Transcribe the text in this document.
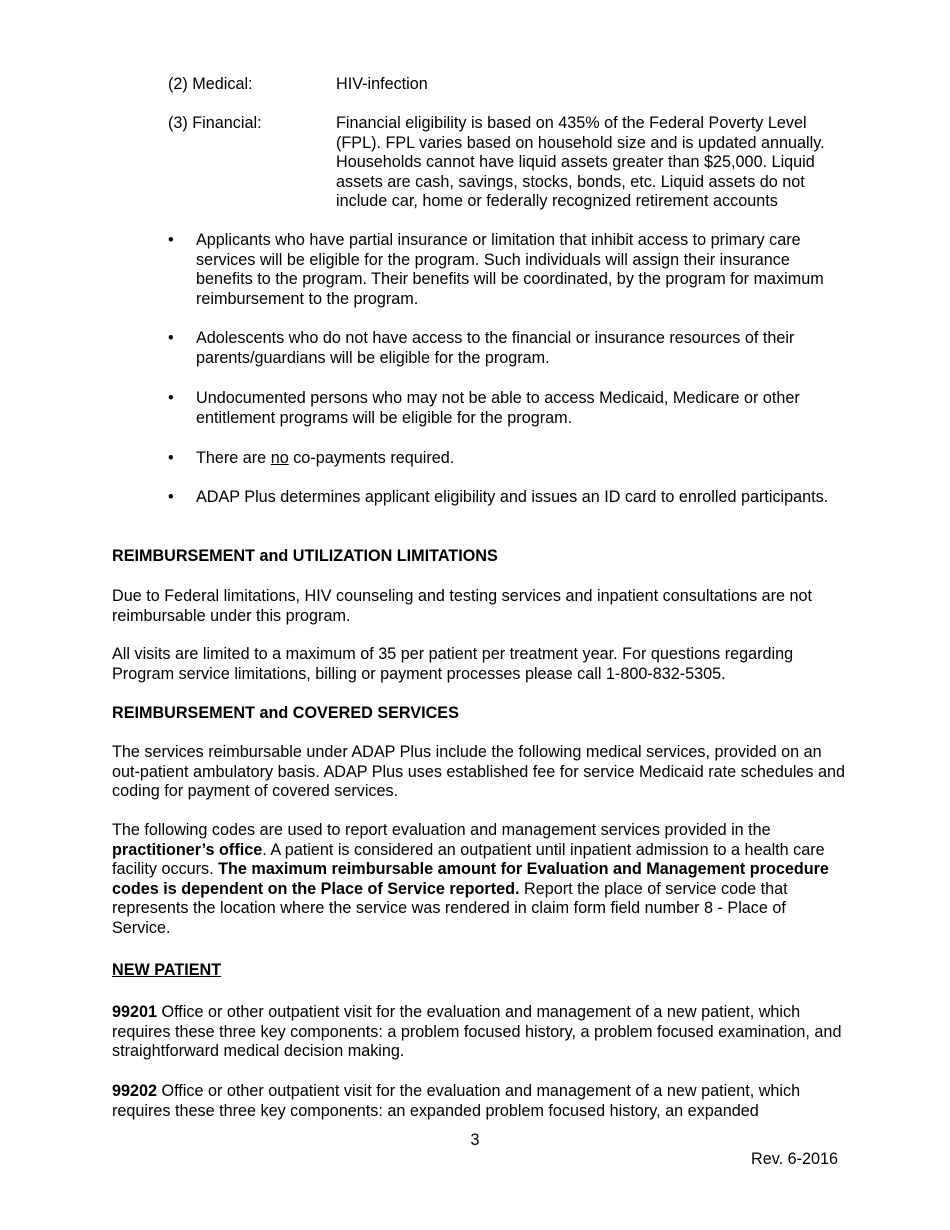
(2) Medical:	HIV-infection

(3) Financial:	Financial eligibility is based on 435% of the Federal Poverty Level (FPL). FPL varies based on household size and is updated annually. Households cannot have liquid assets greater than $25,000. Liquid assets are cash, savings, stocks, bonds, etc. Liquid assets do not include car, home or federally recognized retirement accounts

• Applicants who have partial insurance or limitation that inhibit access to primary care services will be eligible for the program. Such individuals will assign their insurance benefits to the program. Their benefits will be coordinated, by the program for maximum reimbursement to the program.

• Adolescents who do not have access to the financial or insurance resources of their parents/guardians will be eligible for the program.

• Undocumented persons who may not be able to access Medicaid, Medicare or other entitlement programs will be eligible for the program.

• There are no co-payments required.

• ADAP Plus determines applicant eligibility and issues an ID card to enrolled participants.

REIMBURSEMENT and UTILIZATION LIMITATIONS

Due to Federal limitations, HIV counseling and testing services and inpatient consultations are not reimbursable under this program.

All visits are limited to a maximum of 35 per patient per treatment year. For questions regarding Program service limitations, billing or payment processes please call 1-800-832-5305.

REIMBURSEMENT and COVERED SERVICES

The services reimbursable under ADAP Plus include the following medical services, provided on an out-patient ambulatory basis. ADAP Plus uses established fee for service Medicaid rate schedules and coding for payment of covered services.

The following codes are used to report evaluation and management services provided in the practitioner’s office. A patient is considered an outpatient until inpatient admission to a health care facility occurs. The maximum reimbursable amount for Evaluation and Management procedure codes is dependent on the Place of Service reported. Report the place of service code that represents the location where the service was rendered in claim form field number 8 - Place of Service.

NEW PATIENT

99201 Office or other outpatient visit for the evaluation and management of a new patient, which requires these three key components: a problem focused history, a problem focused examination, and straightforward medical decision making.

99202 Office or other outpatient visit for the evaluation and management of a new patient, which requires these three key components: an expanded problem focused history, an expanded

3
Rev. 6-2016
